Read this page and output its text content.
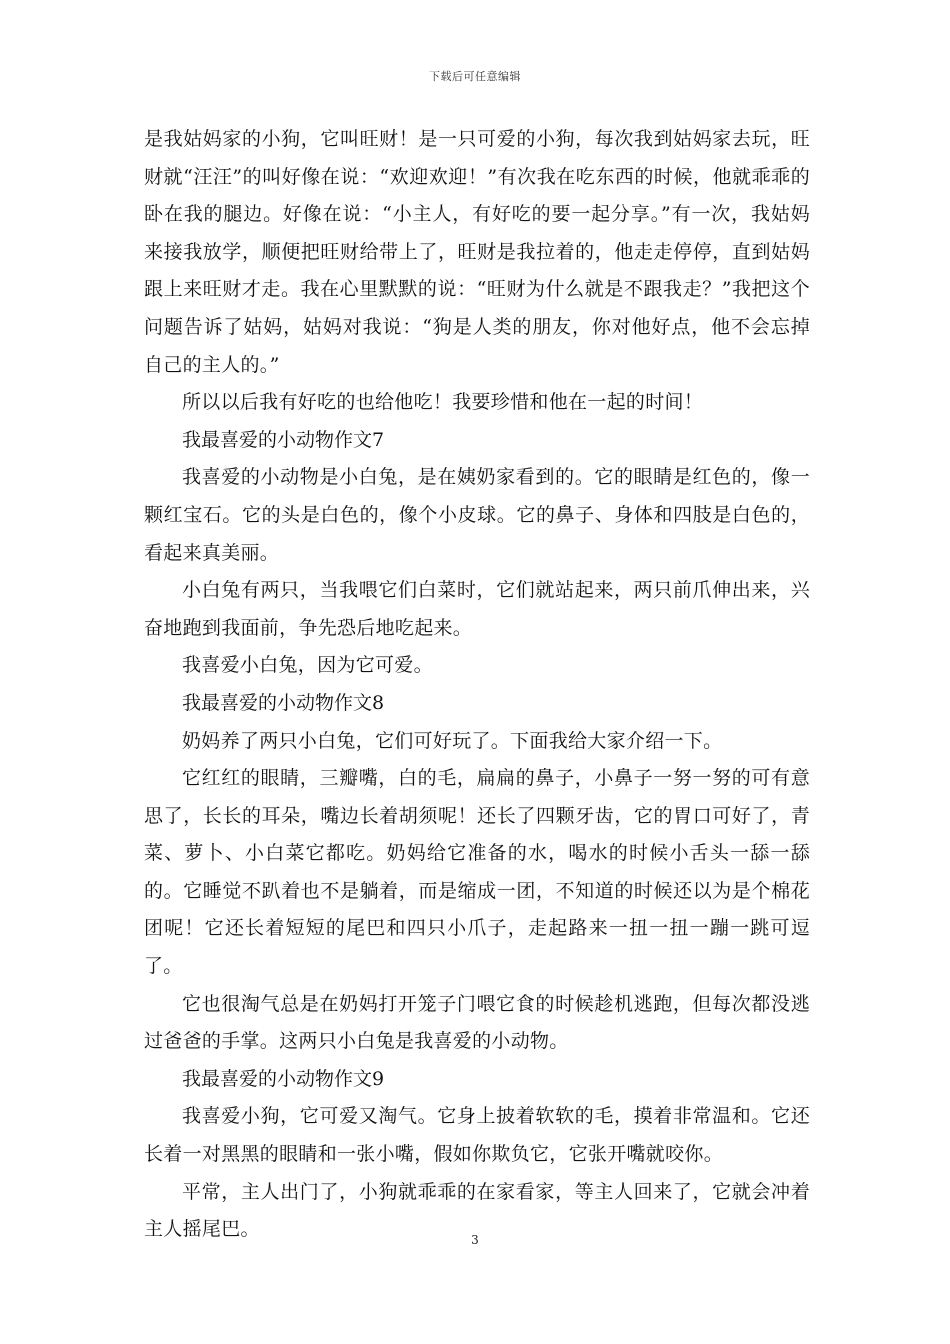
下载后可任意编辑

是我姑妈家的小狗，它叫旺财！是一只可爱的小狗，每次我到姑妈家去玩，旺财就“汪汪”的叫好像在说：“欢迎欢迎！”有次我在吃东西的时候，他就乖乖的卧在我的腿边。好像在说：“小主人，有好吃的要一起分享。”有一次，我姑妈来接我放学，顺便把旺财给带上了，旺财是我拉着的，他走走停停，直到姑妈跟上来旺财才走。我在心里默默的说：“旺财为什么就是不跟我走？”我把这个问题告诉了姑妈，姑妈对我说：“狗是人类的朋友，你对他好点，他不会忘掉自己的主人的。”

所以以后我有好吃的也给他吃！我要珍惜和他在一起的时间！

我最喜爱的小动物作文7

我喜爱的小动物是小白兔，是在姨奶家看到的。它的眼睛是红色的，像一颗红宝石。它的头是白色的，像个小皮球。它的鼻子、身体和四肢是白色的，看起来真美丽。

小白兔有两只，当我喂它们白菜时，它们就站起来，两只前爪伸出来，兴奋地跑到我面前，争先恐后地吃起来。

我喜爱小白兔，因为它可爱。

我最喜爱的小动物作文8

奶妈养了两只小白兔，它们可好玩了。下面我给大家介绍一下。

它红红的眼睛，三瓣嘴，白的毛，扁扁的鼻子，小鼻子一努一努的可有意思了，长长的耳朵，嘴边长着胡须呢！还长了四颗牙齿，它的胃口可好了，青菜、萝卜、小白菜它都吃。奶妈给它准备的水，喝水的时候小舌头一舔一舔的。它睡觉不趴着也不是躺着，而是缩成一团，不知道的时候还以为是个棉花团呢！它还长着短短的尾巴和四只小爪子，走起路来一扭一扭一蹦一跳可逗了。

它也很淘气总是在奶妈打开笼子门喂它食的时候趁机逃跑，但每次都没逃过爸爸的手掌。这两只小白兔是我喜爱的小动物。

我最喜爱的小动物作文9

我喜爱小狗，它可爱又淘气。它身上披着软软的毛，摸着非常温和。它还长着一对黑黑的眼睛和一张小嘴，假如你欺负它，它张开嘴就咬你。

平常，主人出门了，小狗就乖乖的在家看家，等主人回来了，它就会冲着主人摇尾巴。	3
